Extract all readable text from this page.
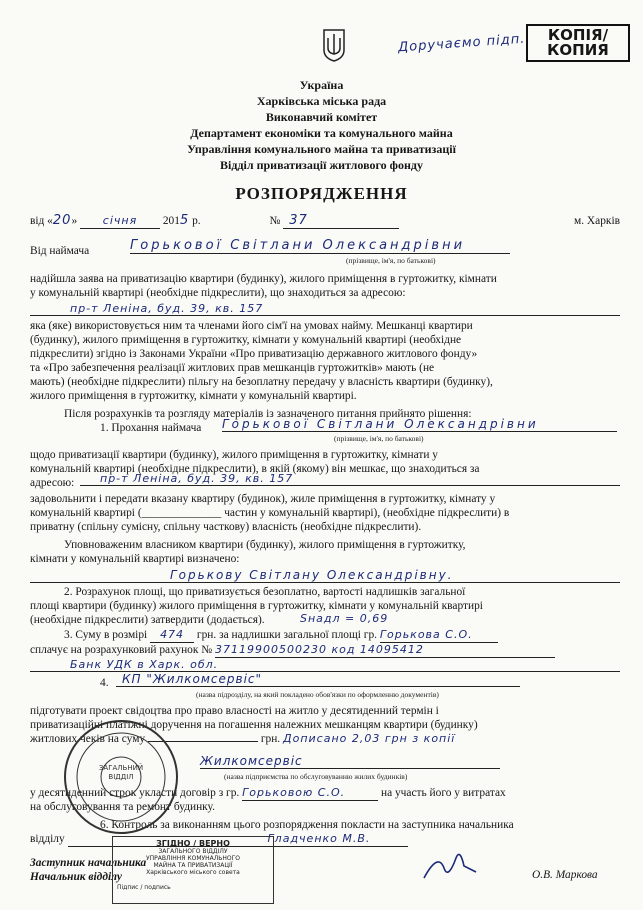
Доручаємо підп.	КОПІЯ/
КОПИЯ
Україна
Харківська міська рада
Виконавчий комітет
Департамент економіки та комунального майна
Управління комунального майна та приватизації
Відділ приватизації житлового фонду
РОЗПОРЯДЖЕННЯ
від «20» січня 2015 р.	№ 37	м. Харків
Від наймача	Горькової Світлани Олександрівни
(прізвище, ім'я, по батькові)
надійшла заява на приватизацію квартири (будинку), жилого приміщення в гуртожитку, кімнати
у комунальній квартирі (необхідне підкреслити), що знаходиться за адресою:
пр-т Леніна, буд. 39, кв. 157
яка (яке) використовується ним та членами його сім'ї на умовах найму. Мешканці квартири
(будинку), жилого приміщення в гуртожитку, кімнати у комунальній квартирі (необхідне
підкреслити) згідно із Законами України «Про приватизацію державного житлового фонду»
та «Про забезпечення реалізації житлових прав мешканців гуртожитків» мають (не
мають) (необхідне підкреслити) пільгу на безоплатну передачу у власність квартири (будинку),
жилого приміщення в гуртожитку, кімнати у комунальній квартирі.
Після розрахунків та розгляду матеріалів із зазначеного питання прийнято рішення:
1. Прохання наймача Горькової Світлани Олександрівни
(прізвище, ім'я, по батькові)
щодо приватизації квартири (будинку), жилого приміщення в гуртожитку, кімнати у
комунальній квартирі (необхідне підкреслити), в якій (якому) він мешкає, що знаходиться за
адресою:	пр-т Леніна, буд. 39, кв. 157
задовольнити і передати вказану квартиру (будинок), жиле приміщення в гуртожитку, кімнату у
комунальній квартирі (______________ частин у комунальній квартирі), (необхідне підкреслити) в
приватну (спільну сумісну, спільну часткову) власність (необхідне підкреслити).
Уповноваженим власником квартири (будинку), жилого приміщення в гуртожитку,
кімнати у комунальній квартирі визначено:
Горькову Світлану Олександрівну.
2. Розрахунок площі, що приватизується безоплатно, вартості надлишків загальної
площі квартири (будинку) жилого приміщення в гуртожитку, кімнати у комунальній квартирі
(необхідне підкреслити) затвердити (додається).	Sнадл = 0,69
3. Суму в розмірі 474 грн. за надлишки загальної площі гр. Горькова С.О.
сплачує на розрахунковий рахунок № 37119900500230 код 14095412
Банк УДК в Харк. обл.
4.	КП "Жилкомсервіс"
(назва підрозділу, на який покладено обов'язки по оформленню документів)
підготувати проект свідоцтва про право власності на житло у десятиденний термін і
приватизаційні платіжні доручення на погашення належних мешканцям квартири (будинку)
житлових чеків на суму	грн. Дописано 2,03 грн з копії
Жилкомсервіс
(назва підприємства по обслуговуванню жилих будинків)
у десятиденний строк укласти договір з гр. Горьковою С.О.	на участь його у витратах
на обслуговування та ремонт будинку.
6. Контроль за виконанням цього розпорядження покласти на заступника начальника
відділу	Гладченко М.В.
Заступник начальника
Начальник відділу	О.В. Маркова
ЗАГАЛЬНИЙ ВІДДІЛ
ЗГІДНО / ВЕРНО
ЗАГАЛЬНОГО ВІДДІЛУ
УПРАВЛІННЯ КОМУНАЛЬНОГО
МАЙНА ТА ПРИВАТИЗАЦІЇ
Харківського міського совета
Підпис / подпись
